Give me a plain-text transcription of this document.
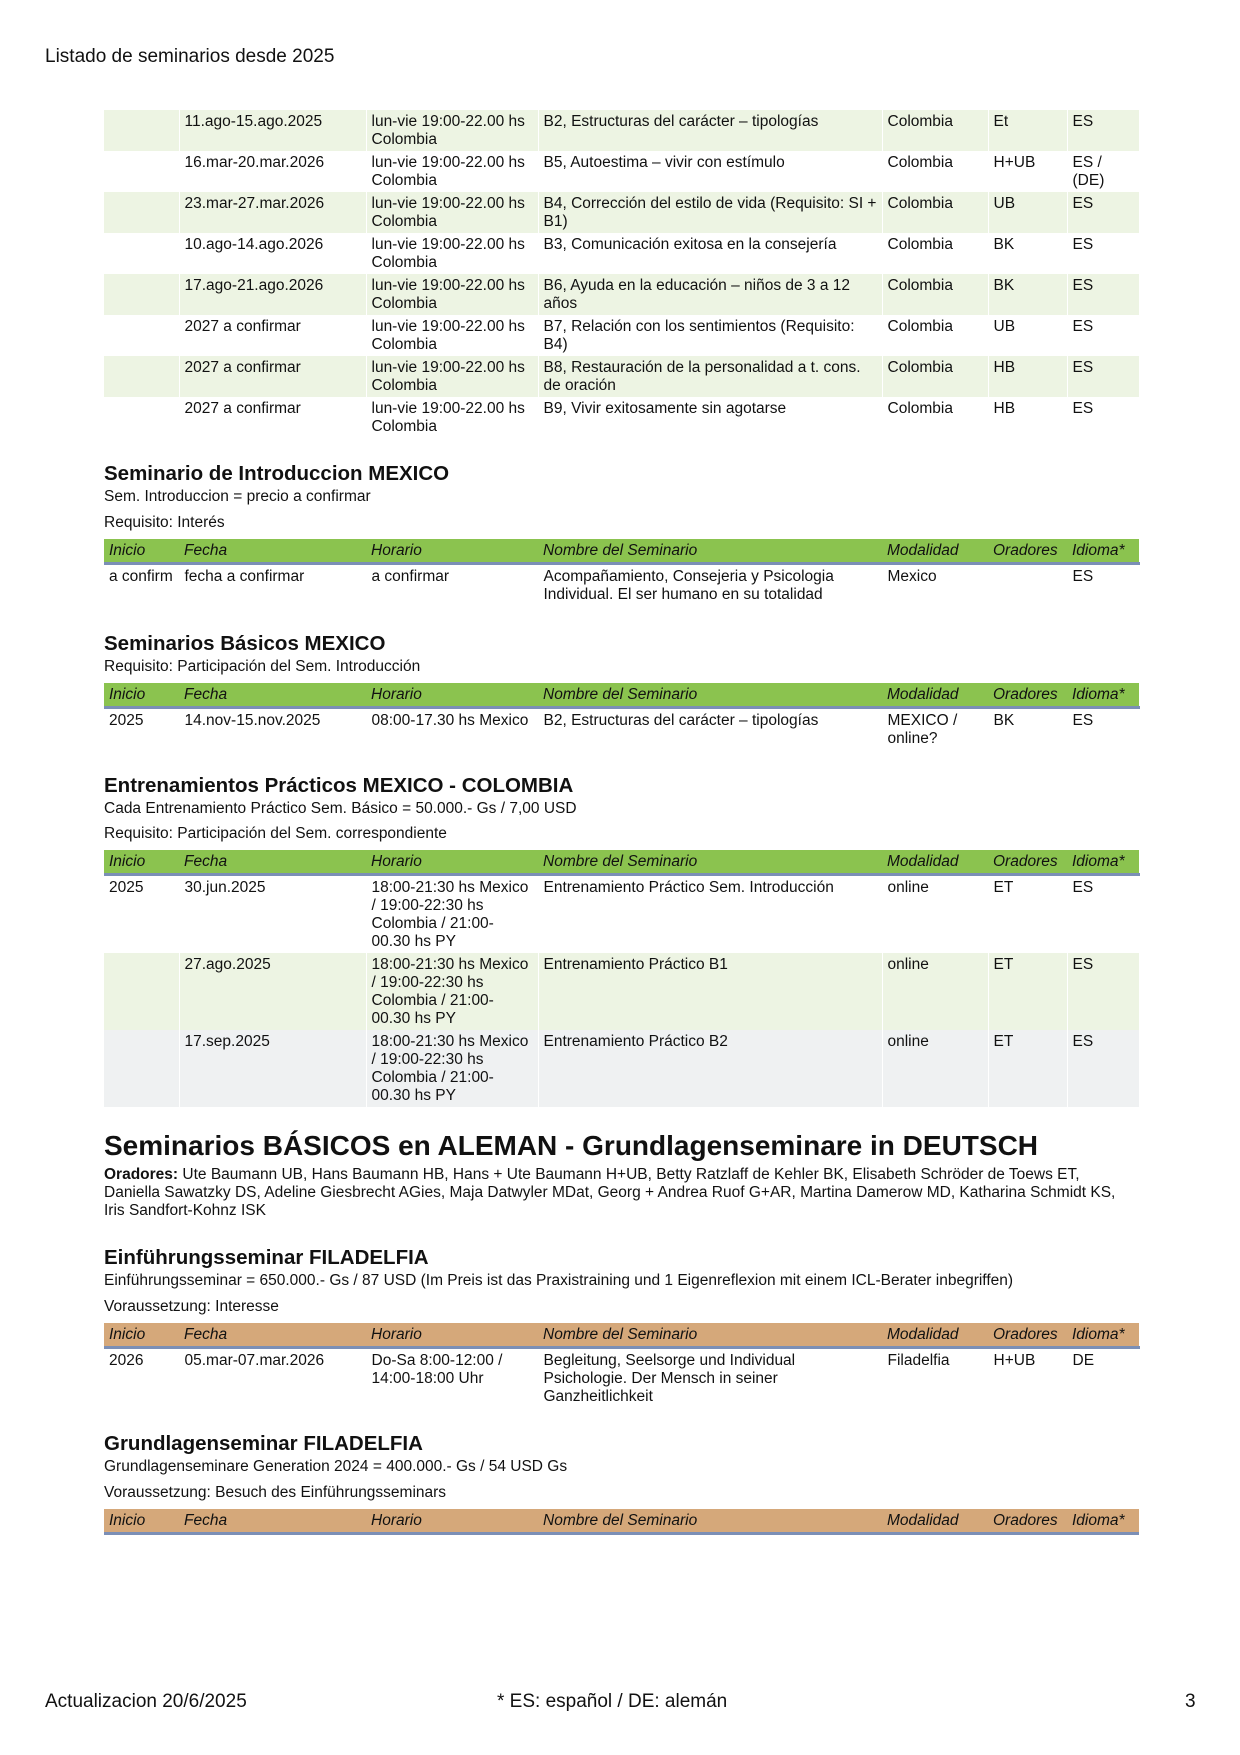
Listado de seminarios desde 2025
	11.ago-15.ago.2025	lun-vie 19:00-22.00 hs Colombia	B2, Estructuras del carácter – tipologías	Colombia	Et	ES
	16.mar-20.mar.2026	lun-vie 19:00-22.00 hs Colombia	B5, Autoestima – vivir con estímulo	Colombia	H+UB	ES / (DE)
	23.mar-27.mar.2026	lun-vie 19:00-22.00 hs Colombia	B4, Corrección del estilo de vida (Requisito: SI + B1)	Colombia	UB	ES
	10.ago-14.ago.2026	lun-vie 19:00-22.00 hs Colombia	B3, Comunicación exitosa en la consejería	Colombia	BK	ES
	17.ago-21.ago.2026	lun-vie 19:00-22.00 hs Colombia	B6, Ayuda en la educación – niños de 3 a 12 años	Colombia	BK	ES
	2027 a confirmar	lun-vie 19:00-22.00 hs Colombia	B7, Relación con los sentimientos (Requisito: B4)	Colombia	UB	ES
	2027 a confirmar	lun-vie 19:00-22.00 hs Colombia	B8, Restauración de la personalidad a t. cons. de oración	Colombia	HB	ES
	2027 a confirmar	lun-vie 19:00-22.00 hs Colombia	B9, Vivir exitosamente sin agotarse	Colombia	HB	ES
Seminario de Introduccion MEXICO
Sem. Introduccion = precio a confirmar
Requisito: Interés
Inicio	Fecha	Horario	Nombre del Seminario	Modalidad	Oradores	Idioma*
a confirm	fecha a confirmar	a confirmar	Acompañamiento, Consejeria y Psicologia Individual. El ser humano en su totalidad	Mexico		ES
Seminarios Básicos MEXICO
Requisito: Participación del Sem. Introducción
Inicio	Fecha	Horario	Nombre del Seminario	Modalidad	Oradores	Idioma*
2025	14.nov-15.nov.2025	08:00-17.30 hs Mexico	B2, Estructuras del carácter – tipologías	MEXICO / online?	BK	ES
Entrenamientos Prácticos MEXICO - COLOMBIA
Cada Entrenamiento Práctico Sem. Básico = 50.000.- Gs / 7,00 USD
Requisito: Participación del Sem. correspondiente
Inicio	Fecha	Horario	Nombre del Seminario	Modalidad	Oradores	Idioma*
2025	30.jun.2025	18:00-21:30 hs Mexico / 19:00-22:30 hs Colombia / 21:00-00.30 hs PY	Entrenamiento Práctico Sem. Introducción	online	ET	ES
	27.ago.2025	18:00-21:30 hs Mexico / 19:00-22:30 hs Colombia / 21:00-00.30 hs PY	Entrenamiento Práctico B1	online	ET	ES
	17.sep.2025	18:00-21:30 hs Mexico / 19:00-22:30 hs Colombia / 21:00-00.30 hs PY	Entrenamiento Práctico B2	online	ET	ES
Seminarios BÁSICOS en ALEMAN - Grundlagenseminare in DEUTSCH
Oradores: Ute Baumann UB, Hans Baumann HB, Hans + Ute Baumann H+UB, Betty Ratzlaff de Kehler BK, Elisabeth Schröder de Toews ET, Daniella Sawatzky DS, Adeline Giesbrecht AGies, Maja Datwyler MDat, Georg + Andrea Ruof G+AR, Martina Damerow MD, Katharina Schmidt KS, Iris Sandfort-Kohnz ISK
Einführungsseminar FILADELFIA
Einführungsseminar = 650.000.- Gs / 87 USD (Im Preis ist das Praxistraining und 1 Eigenreflexion mit einem ICL-Berater inbegriffen)
Voraussetzung: Interesse
Inicio	Fecha	Horario	Nombre del Seminario	Modalidad	Oradores	Idioma*
2026	05.mar-07.mar.2026	Do-Sa 8:00-12:00 / 14:00-18:00 Uhr	Begleitung, Seelsorge und Individual Psichologie. Der Mensch in seiner Ganzheitlichkeit	Filadelfia	H+UB	DE
Grundlagenseminar FILADELFIA
Grundlagenseminare Generation 2024 = 400.000.- Gs / 54 USD Gs
Voraussetzung: Besuch des Einführungsseminars
Inicio	Fecha	Horario	Nombre del Seminario	Modalidad	Oradores	Idioma*
Actualizacion 20/6/2025	* ES: español / DE: alemán	3
